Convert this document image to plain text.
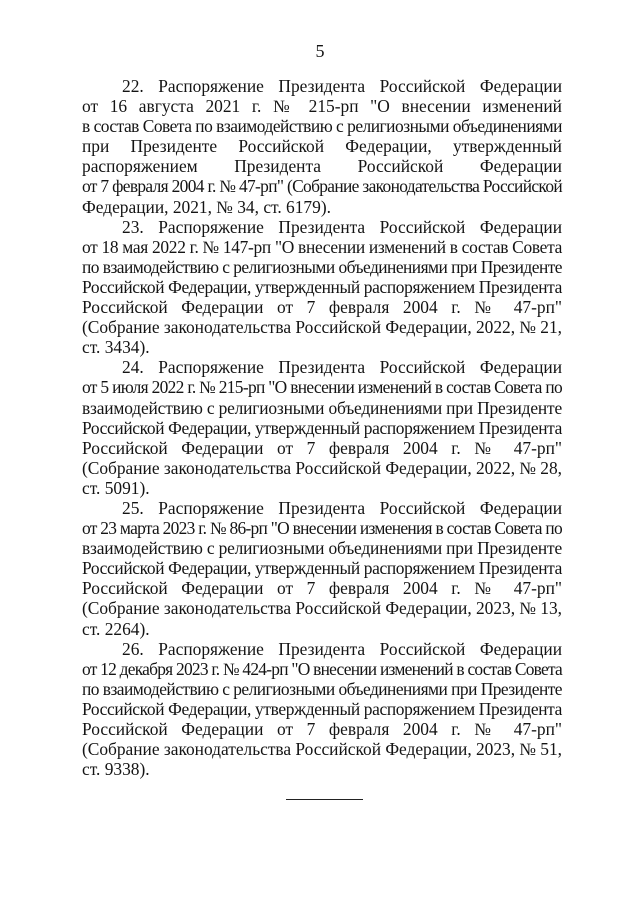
5

22. Распоряжение Президента Российской Федерации
от 16 августа 2021 г. № 215-рп "О внесении изменений
в состав Совета по взаимодействию с религиозными объединениями
при Президенте Российской Федерации, утвержденный
распоряжением Президента Российской Федерации
от 7 февраля 2004 г. № 47-рп" (Собрание законодательства Российской
Федерации, 2021, № 34, ст. 6179).

23. Распоряжение Президента Российской Федерации
от 18 мая 2022 г. № 147-рп "О внесении изменений в состав Совета
по взаимодействию с религиозными объединениями при Президенте
Российской Федерации, утвержденный распоряжением Президента
Российской Федерации от 7 февраля 2004 г. № 47-рп"
(Собрание законодательства Российской Федерации, 2022, № 21,
ст. 3434).

24. Распоряжение Президента Российской Федерации
от 5 июля 2022 г. № 215-рп "О внесении изменений в состав Совета по
взаимодействию с религиозными объединениями при Президенте
Российской Федерации, утвержденный распоряжением Президента
Российской Федерации от 7 февраля 2004 г. № 47-рп"
(Собрание законодательства Российской Федерации, 2022, № 28,
ст. 5091).

25. Распоряжение Президента Российской Федерации
от 23 марта 2023 г. № 86-рп "О внесении изменения в состав Совета по
взаимодействию с религиозными объединениями при Президенте
Российской Федерации, утвержденный распоряжением Президента
Российской Федерации от 7 февраля 2004 г. № 47-рп"
(Собрание законодательства Российской Федерации, 2023, № 13,
ст. 2264).

26. Распоряжение Президента Российской Федерации
от 12 декабря 2023 г. № 424-рп "О внесении изменений в состав Совета
по взаимодействию с религиозными объединениями при Президенте
Российской Федерации, утвержденный распоряжением Президента
Российской Федерации от 7 февраля 2004 г. № 47-рп"
(Собрание законодательства Российской Федерации, 2023, № 51,
ст. 9338).
